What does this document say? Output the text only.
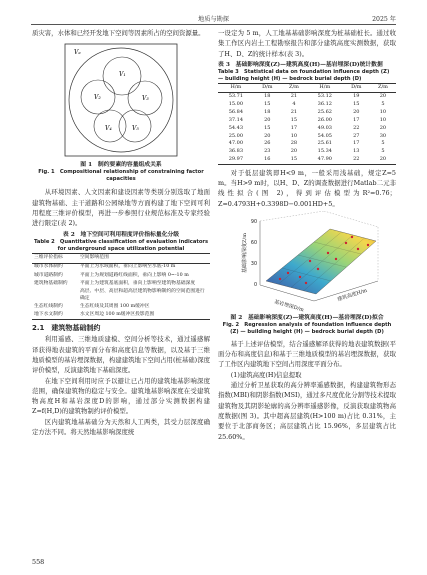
地质与勘探	2025 年

质灾害，水体和已经开发地下空间等因素所占的空间资源量。

Vₐ
V₁
V₂	V₃
V₄	V₅
图 1　制约要素的容量组成关系
Fig. 1　Compositional relationship of constraining factor capacities

从环境因素、人文因素和建设因素等类别分别选取了地面建筑物基础、主干道路和公园绿地等方面构建了地下空间可利用程度三维评价模型，再进一步参照行业规范标准及专家经验进行限定(表 2)。

表 2　地下空间可利用程度评价指标量化分级
Table 2　Quantitative classification of evaluation indicators for underground space utilization potential
三维评价指标	空间影响范围
城市水体制约	平面上为水域面积，垂向上影响至水底-10 m
城市道路制约	平面上为规划道路红线面积，垂向上影响 0~-10 m
建筑物基础制约	平面上为建筑基底面积，垂向上影响至建筑物基础深度
	高层、中层、高层和超高层建筑物影响制约的空间范围进行确定
生态红线制约	生态红线及其周围 100 m缓冲区
地下水文制约	水文区周边 100 m缓冲区投影范围
2.1　建筑物基础制约

利用遥感、三维地质建模、空间分析等技术，通过遥感解译获得地表建筑的平面分布和高度信息等数据，以及基于三维地质模型的基岩埋深数据，构建建筑地下空间占用(桩基础)深度评价模型，反演建筑地下基础深度。

在地下空间利用时应予以避让已占用的建筑地基影响深度范围，确保建筑物的稳定与安全。建筑地基影响深度在受建筑物高度H和基岩深度D的影响，通过部分实测数据构建Z=f(H,D)的建筑物制约评价模型。

区内建筑地基基础分为天然和人工两类，其受力层深度确定方法不同。将天然地基影响深度统

558

一设定为 5 m，人工地基基础影响深度为桩基础桩长。通过收集工作区内岩土工程勘察报告和部分建筑高度实测数据，获取了H、D、Z的统计样本(表 3)。

表 3　基础影响深度(Z)—建筑高度(H)—基岩埋深(D)统计数据
Table 3　Statistical data on foundation influence depth (Z) — building height (H) — bedrock burial depth (D)
H/m	D/m	Z/m	H/m	D/m	Z/m
53.71	18	21	53.12	19	20
15.00	15	4	36.12	15	5
56.84	18	21	25.62	20	10
37.14	20	15	26.00	17	10
54.43	15	17	49.03	22	20
25.00	20	10	54.05	27	30
47.00	26	28	25.61	17	5
36.83	23	20	15.34	13	5
29.97	16	15	47.90	22	20

对于低层建筑即H<9 m，一般采用浅基础，规定Z=5 m。当H>9 m时，以H、D、Z的调查数据进行Matlab二元非线性拟合(图 2)，得到评估模型为R²=0.76；Z=0.4793H+0.3398D−0.001HD+5。

0
30
60
90
基础影响深度Z/m
基岩埋深D/m
建筑高度H/m
图 2　基础影响深度(Z)—建筑高度(H)—基岩埋深(D)拟合
Fig. 2　Regression analysis of foundation influence depth (Z) — building height (H) — bedrock burial depth (D)

基于上述评估模型，结合遥感解译获得的地表建筑数据(平面分布和高度信息)和基于三维地质模型的基岩埋深数据，获取了工作区内建筑地下空间占用深度平面分布。

(1)建筑高度(H)信息提取

通过分析卫星获取的高分辨率遥感数据，构建建筑物形态指数(MBI)和阴影指数(MSI)，通过多尺度优化分割等技术提取建筑物及其阴影轮廓的高分辨率遥感影像，反演获取建筑物高度数据(图 3)。其中超高层建筑(H>100 m)占比 0.31%，主要位于北部商务区；高层建筑占比 15.96%，多层建筑占比 25.60%。
